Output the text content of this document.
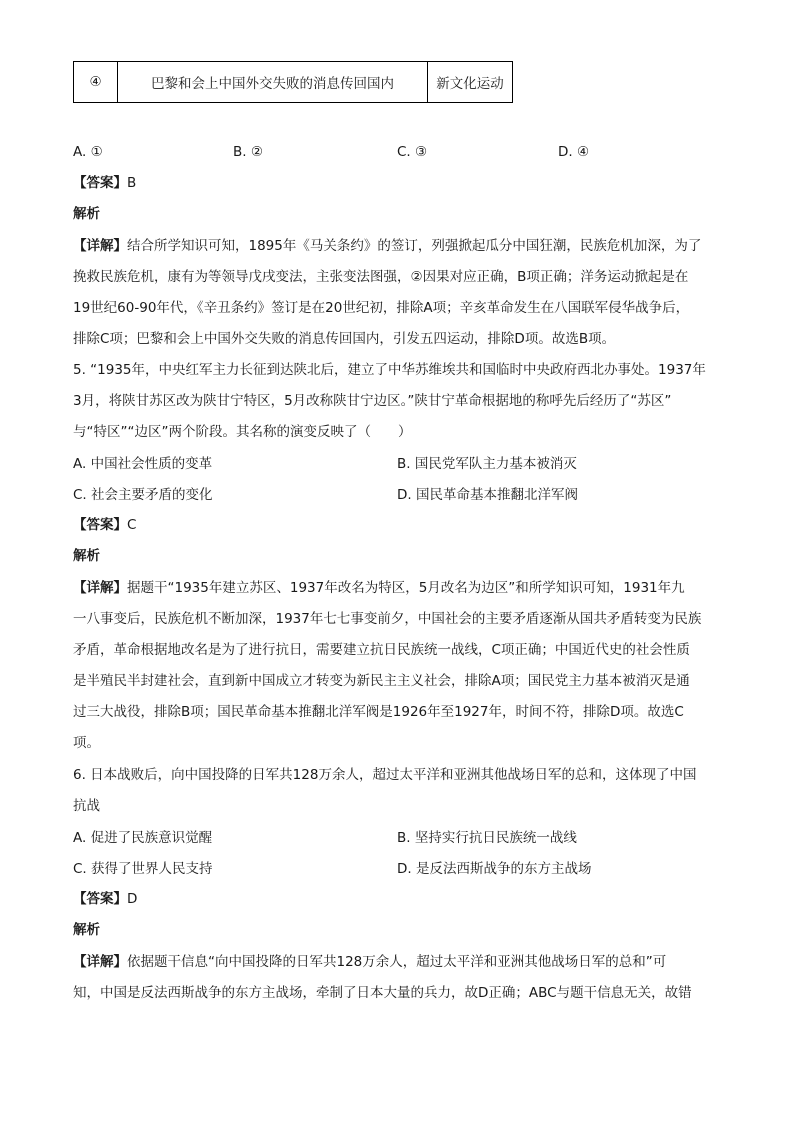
④	巴黎和会上中国外交失败的消息传回国内	新文化运动
A. ①	B. ②	C. ③	D. ④
【答案】B
解析
【详解】结合所学知识可知，1895年《马关条约》的签订，列强掀起瓜分中国狂潮，民族危机加深，为了
挽救民族危机，康有为等领导戊戌变法，主张变法图强，②因果对应正确，B项正确；洋务运动掀起是在
19世纪60-90年代，《辛丑条约》签订是在20世纪初，排除A项；辛亥革命发生在八国联军侵华战争后，
排除C项；巴黎和会上中国外交失败的消息传回国内，引发五四运动，排除D项。故选B项。
5. “1935年，中央红军主力长征到达陕北后，建立了中华苏维埃共和国临时中央政府西北办事处。1937年
3月，将陕甘苏区改为陕甘宁特区，5月改称陕甘宁边区。”陕甘宁革命根据地的称呼先后经历了“苏区”
与“特区”“边区”两个阶段。其名称的演变反映了（　　）
A. 中国社会性质的变革	B. 国民党军队主力基本被消灭
C. 社会主要矛盾的变化	D. 国民革命基本推翻北洋军阀
【答案】C
解析
【详解】据题干“1935年建立苏区、1937年改名为特区，5月改名为边区”和所学知识可知，1931年九
一八事变后，民族危机不断加深，1937年七七事变前夕，中国社会的主要矛盾逐渐从国共矛盾转变为民族
矛盾，革命根据地改名是为了进行抗日，需要建立抗日民族统一战线，C项正确；中国近代史的社会性质
是半殖民半封建社会，直到新中国成立才转变为新民主主义社会，排除A项；国民党主力基本被消灭是通
过三大战役，排除B项；国民革命基本推翻北洋军阀是1926年至1927年，时间不符，排除D项。故选C
项。
6. 日本战败后，向中国投降的日军共128万余人，超过太平洋和亚洲其他战场日军的总和，这体现了中国
抗战
A. 促进了民族意识觉醒	B. 坚持实行抗日民族统一战线
C. 获得了世界人民支持	D. 是反法西斯战争的东方主战场
【答案】D
解析
【详解】依据题干信息“向中国投降的日军共128万余人，超过太平洋和亚洲其他战场日军的总和”可
知，中国是反法西斯战争的东方主战场，牵制了日本大量的兵力，故D正确；ABC与题干信息无关，故错
